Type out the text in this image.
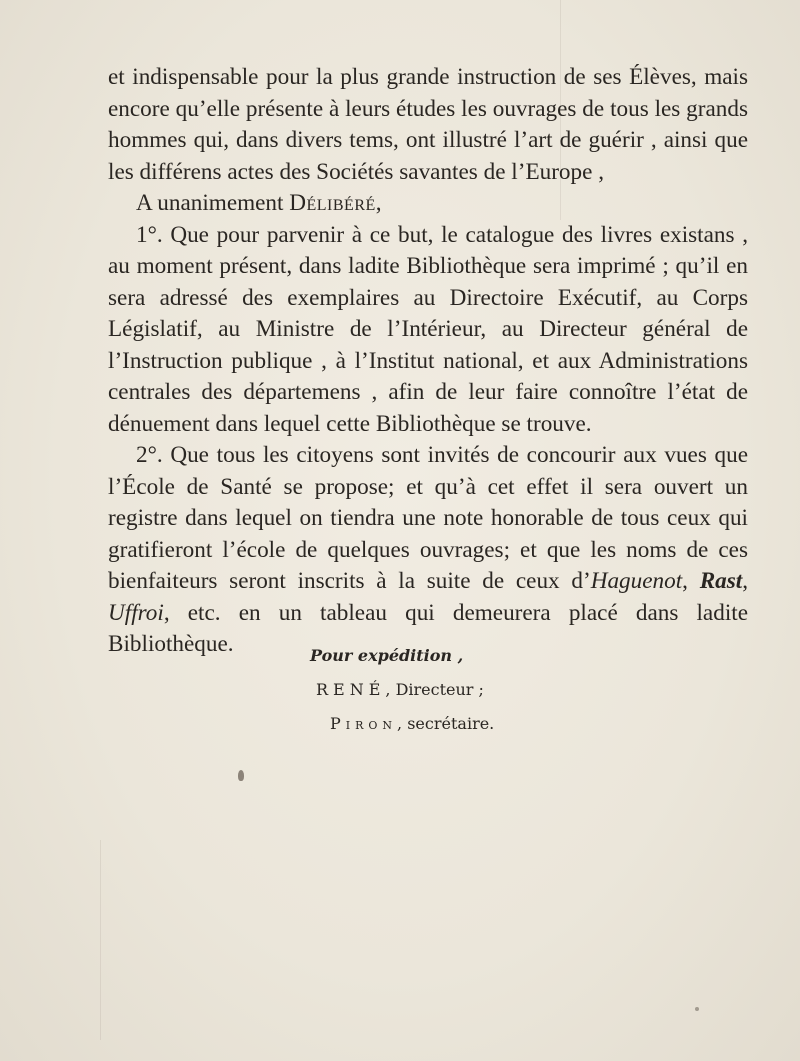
et indispensable pour la plus grande instruction de ses Élèves, mais encore qu’elle présente à leurs études les ouvrages de tous les grands hommes qui, dans divers tems, ont illustré l’art de guérir , ainsi que les différens actes des Sociétés savantes de l’Europe ,

A unanimement Délibéré,

1°. Que pour parvenir à ce but, le catalogue des livres existans , au moment présent, dans ladite Bibliothèque sera imprimé ; qu’il en sera adressé des exemplaires au Directoire Exécutif, au Corps Législatif, au Ministre de l’Intérieur, au Directeur général de l’Instruction publique , à l’Institut national, et aux Administrations centrales des départemens , afin de leur faire connoître l’état de dénuement dans lequel cette Bibliothèque se trouve.

2°. Que tous les citoyens sont invités de concourir aux vues que l’École de Santé se propose; et qu’à cet effet il sera ouvert un registre dans lequel on tiendra une note honorable de tous ceux qui gratifieront l’école de quelques ouvrages; et que les noms de ces bienfaiteurs seront inscrits à la suite de ceux d’Haguenot, Rast, Uffroi, etc. en un tableau qui demeurera placé dans ladite Bibliothèque.	Pour expédition ,
RENÉ, Directeur ;
Piron, secrétaire.
